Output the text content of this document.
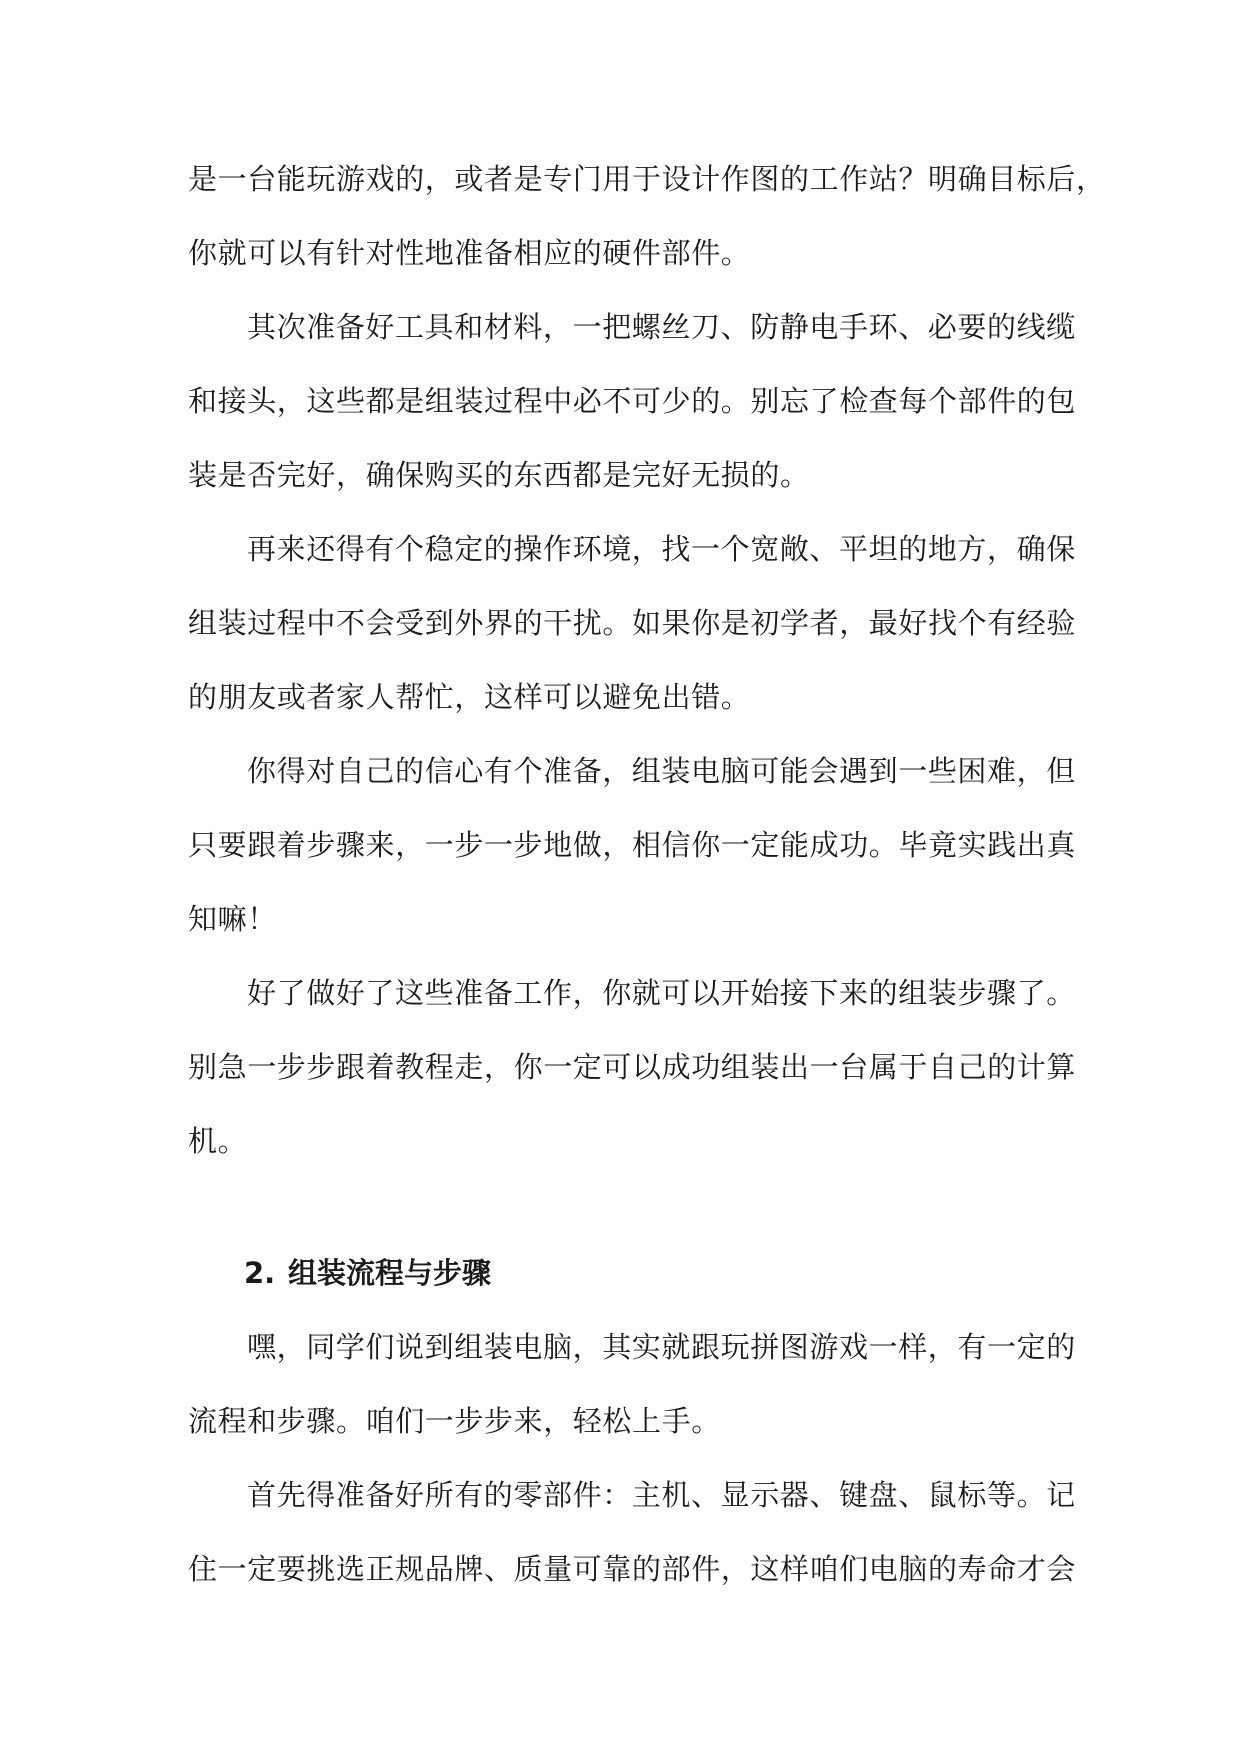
是一台能玩游戏的，或者是专门用于设计作图的工作站？明确目标后，
你就可以有针对性地准备相应的硬件部件。
其次准备好工具和材料，一把螺丝刀、防静电手环、必要的线缆
和接头，这些都是组装过程中必不可少的。别忘了检查每个部件的包
装是否完好，确保购买的东西都是完好无损的。
再来还得有个稳定的操作环境，找一个宽敞、平坦的地方，确保
组装过程中不会受到外界的干扰。如果你是初学者，最好找个有经验
的朋友或者家人帮忙，这样可以避免出错。
你得对自己的信心有个准备，组装电脑可能会遇到一些困难，但
只要跟着步骤来，一步一步地做，相信你一定能成功。毕竟实践出真
知嘛！
好了做好了这些准备工作，你就可以开始接下来的组装步骤了。
别急一步步跟着教程走，你一定可以成功组装出一台属于自己的计算
机。
2. 组装流程与步骤
嘿，同学们说到组装电脑，其实就跟玩拼图游戏一样，有一定的
流程和步骤。咱们一步步来，轻松上手。
首先得准备好所有的零部件：主机、显示器、键盘、鼠标等。记
住一定要挑选正规品牌、质量可靠的部件，这样咱们电脑的寿命才会
